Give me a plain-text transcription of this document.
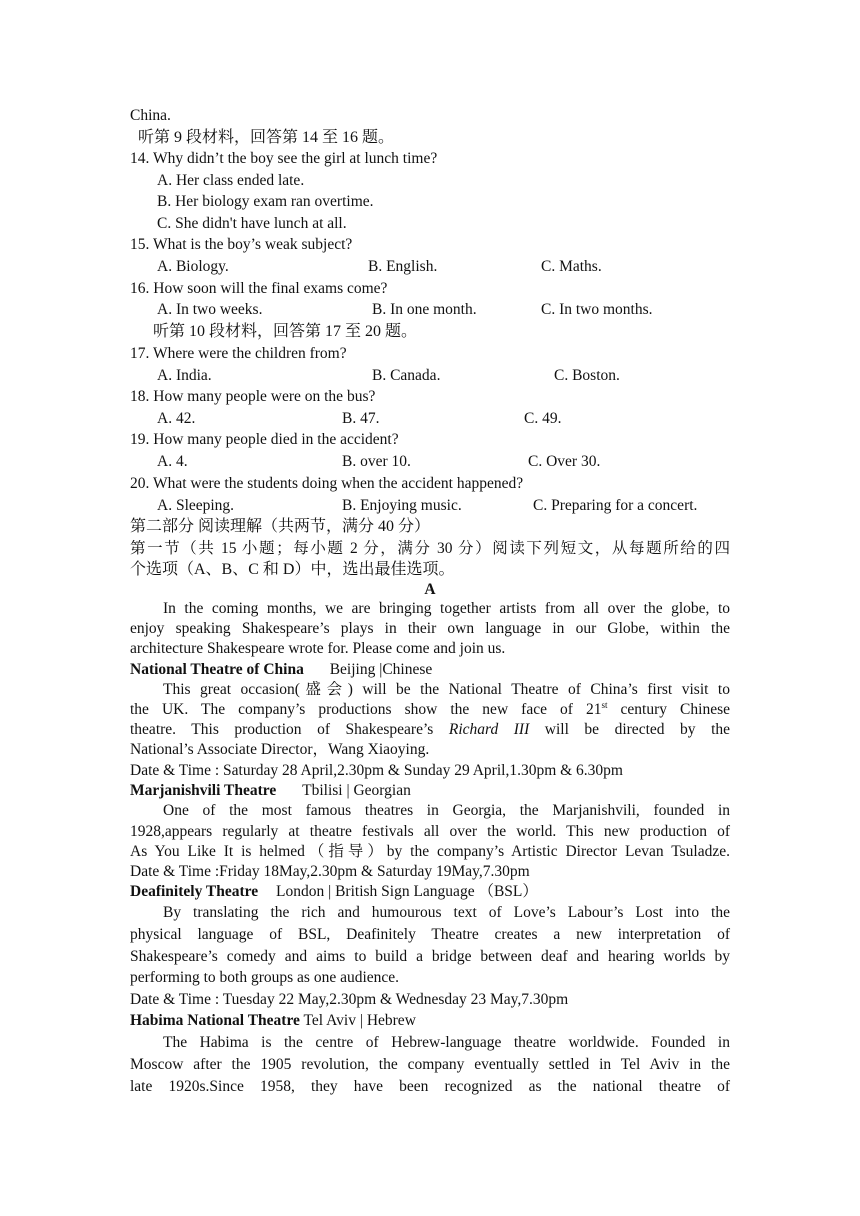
China.
听第 9 段材料，回答第 14 至 16 题。
14. Why didn’t the boy see the girl at lunch time?
A. Her class ended late.
B. Her biology exam ran overtime.
C. She didn't have lunch at all.
15. What is the boy’s weak subject?
A. Biology.	B. English.	C. Maths.
16. How soon will the final exams come?
A. In two weeks.	B. In one month.	C. In two months.
听第 10 段材料，回答第 17 至 20 题。
17. Where were the children from?
A. India.	B. Canada.	C. Boston.
18. How many people were on the bus?
A. 42.	B. 47.	C. 49.
19. How many people died in the accident?
A. 4.	B. over 10.	C. Over 30.
20. What were the students doing when the accident happened?
A. Sleeping.	B. Enjoying music.	C. Preparing for a concert.
第二部分 阅读理解（共两节，满分 40 分）
第一节（共 15 小题；每小题 2 分，满分 30 分）阅读下列短文，从每题所给的四
个选项（A、B、C 和 D）中，选出最佳选项。
A
In the coming months, we are bringing together artists from all over the globe, to
enjoy speaking Shakespeare’s plays in their own language in our Globe, within the
architecture Shakespeare wrote for. Please come and join us.
National Theatre of China Beijing |Chinese
This great occasion(盛会) will be the National Theatre of China’s first visit to
the UK. The company’s productions show the new face of 21st century Chinese
theatre. This production of Shakespeare’s Richard III will be directed by the
National’s Associate Director，Wang Xiaoying.
Date & Time : Saturday 28 April,2.30pm & Sunday 29 April,1.30pm & 6.30pm
Marjanishvili Theatre Tbilisi | Georgian
One of the most famous theatres in Georgia, the Marjanishvili, founded in
1928,appears regularly at theatre festivals all over the world. This new production of
As You Like It is helmed（指导）by the company’s Artistic Director Levan Tsuladze.
Date & Time :Friday 18May,2.30pm & Saturday 19May,7.30pm
Deafinitely Theatre London | British Sign Language （BSL）
By translating the rich and humourous text of Love’s Labour’s Lost into the
physical language of BSL, Deafinitely Theatre creates a new interpretation of
Shakespeare’s comedy and aims to build a bridge between deaf and hearing worlds by
performing to both groups as one audience.
Date & Time : Tuesday 22 May,2.30pm & Wednesday 23 May,7.30pm
Habima National Theatre Tel Aviv | Hebrew
The Habima is the centre of Hebrew-language theatre worldwide. Founded in
Moscow after the 1905 revolution, the company eventually settled in Tel Aviv in the
late 1920s.Since 1958, they have been recognized as the national theatre of
